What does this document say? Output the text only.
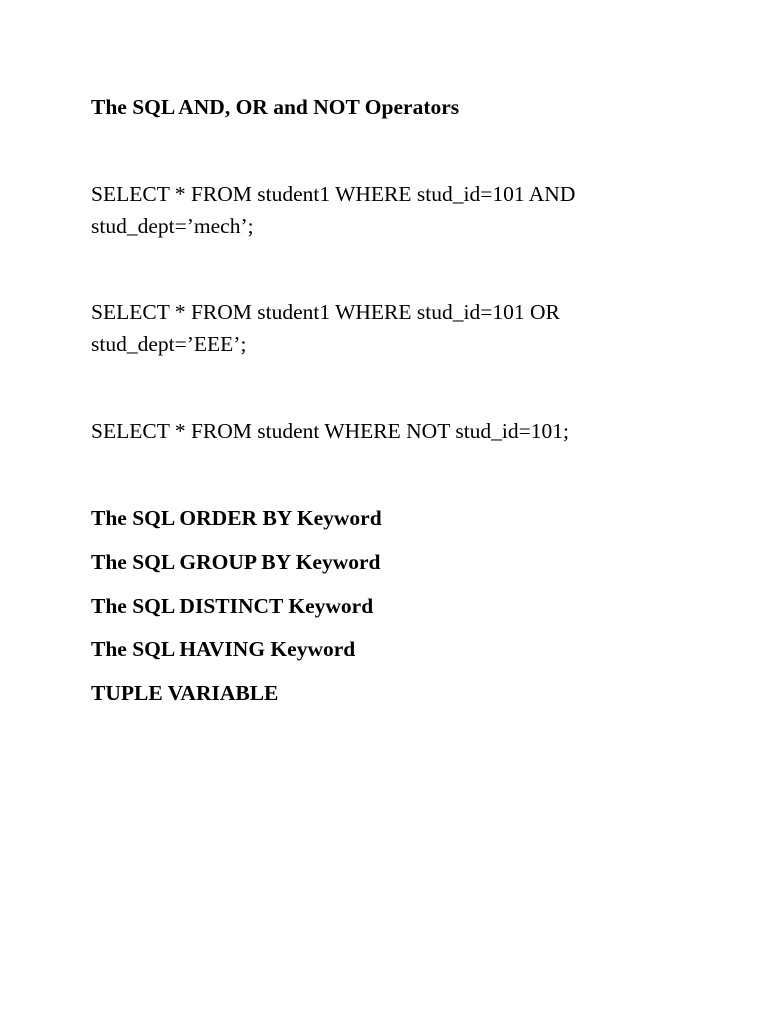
The SQL AND, OR and NOT Operators

SELECT * FROM student1 WHERE stud_id=101 AND

stud_dept=’mech’;

SELECT * FROM student1 WHERE stud_id=101 OR

stud_dept=’EEE’;

SELECT * FROM student WHERE NOT stud_id=101;

The SQL ORDER BY Keyword

The SQL GROUP BY Keyword

The SQL DISTINCT Keyword

The SQL HAVING Keyword

TUPLE VARIABLE
